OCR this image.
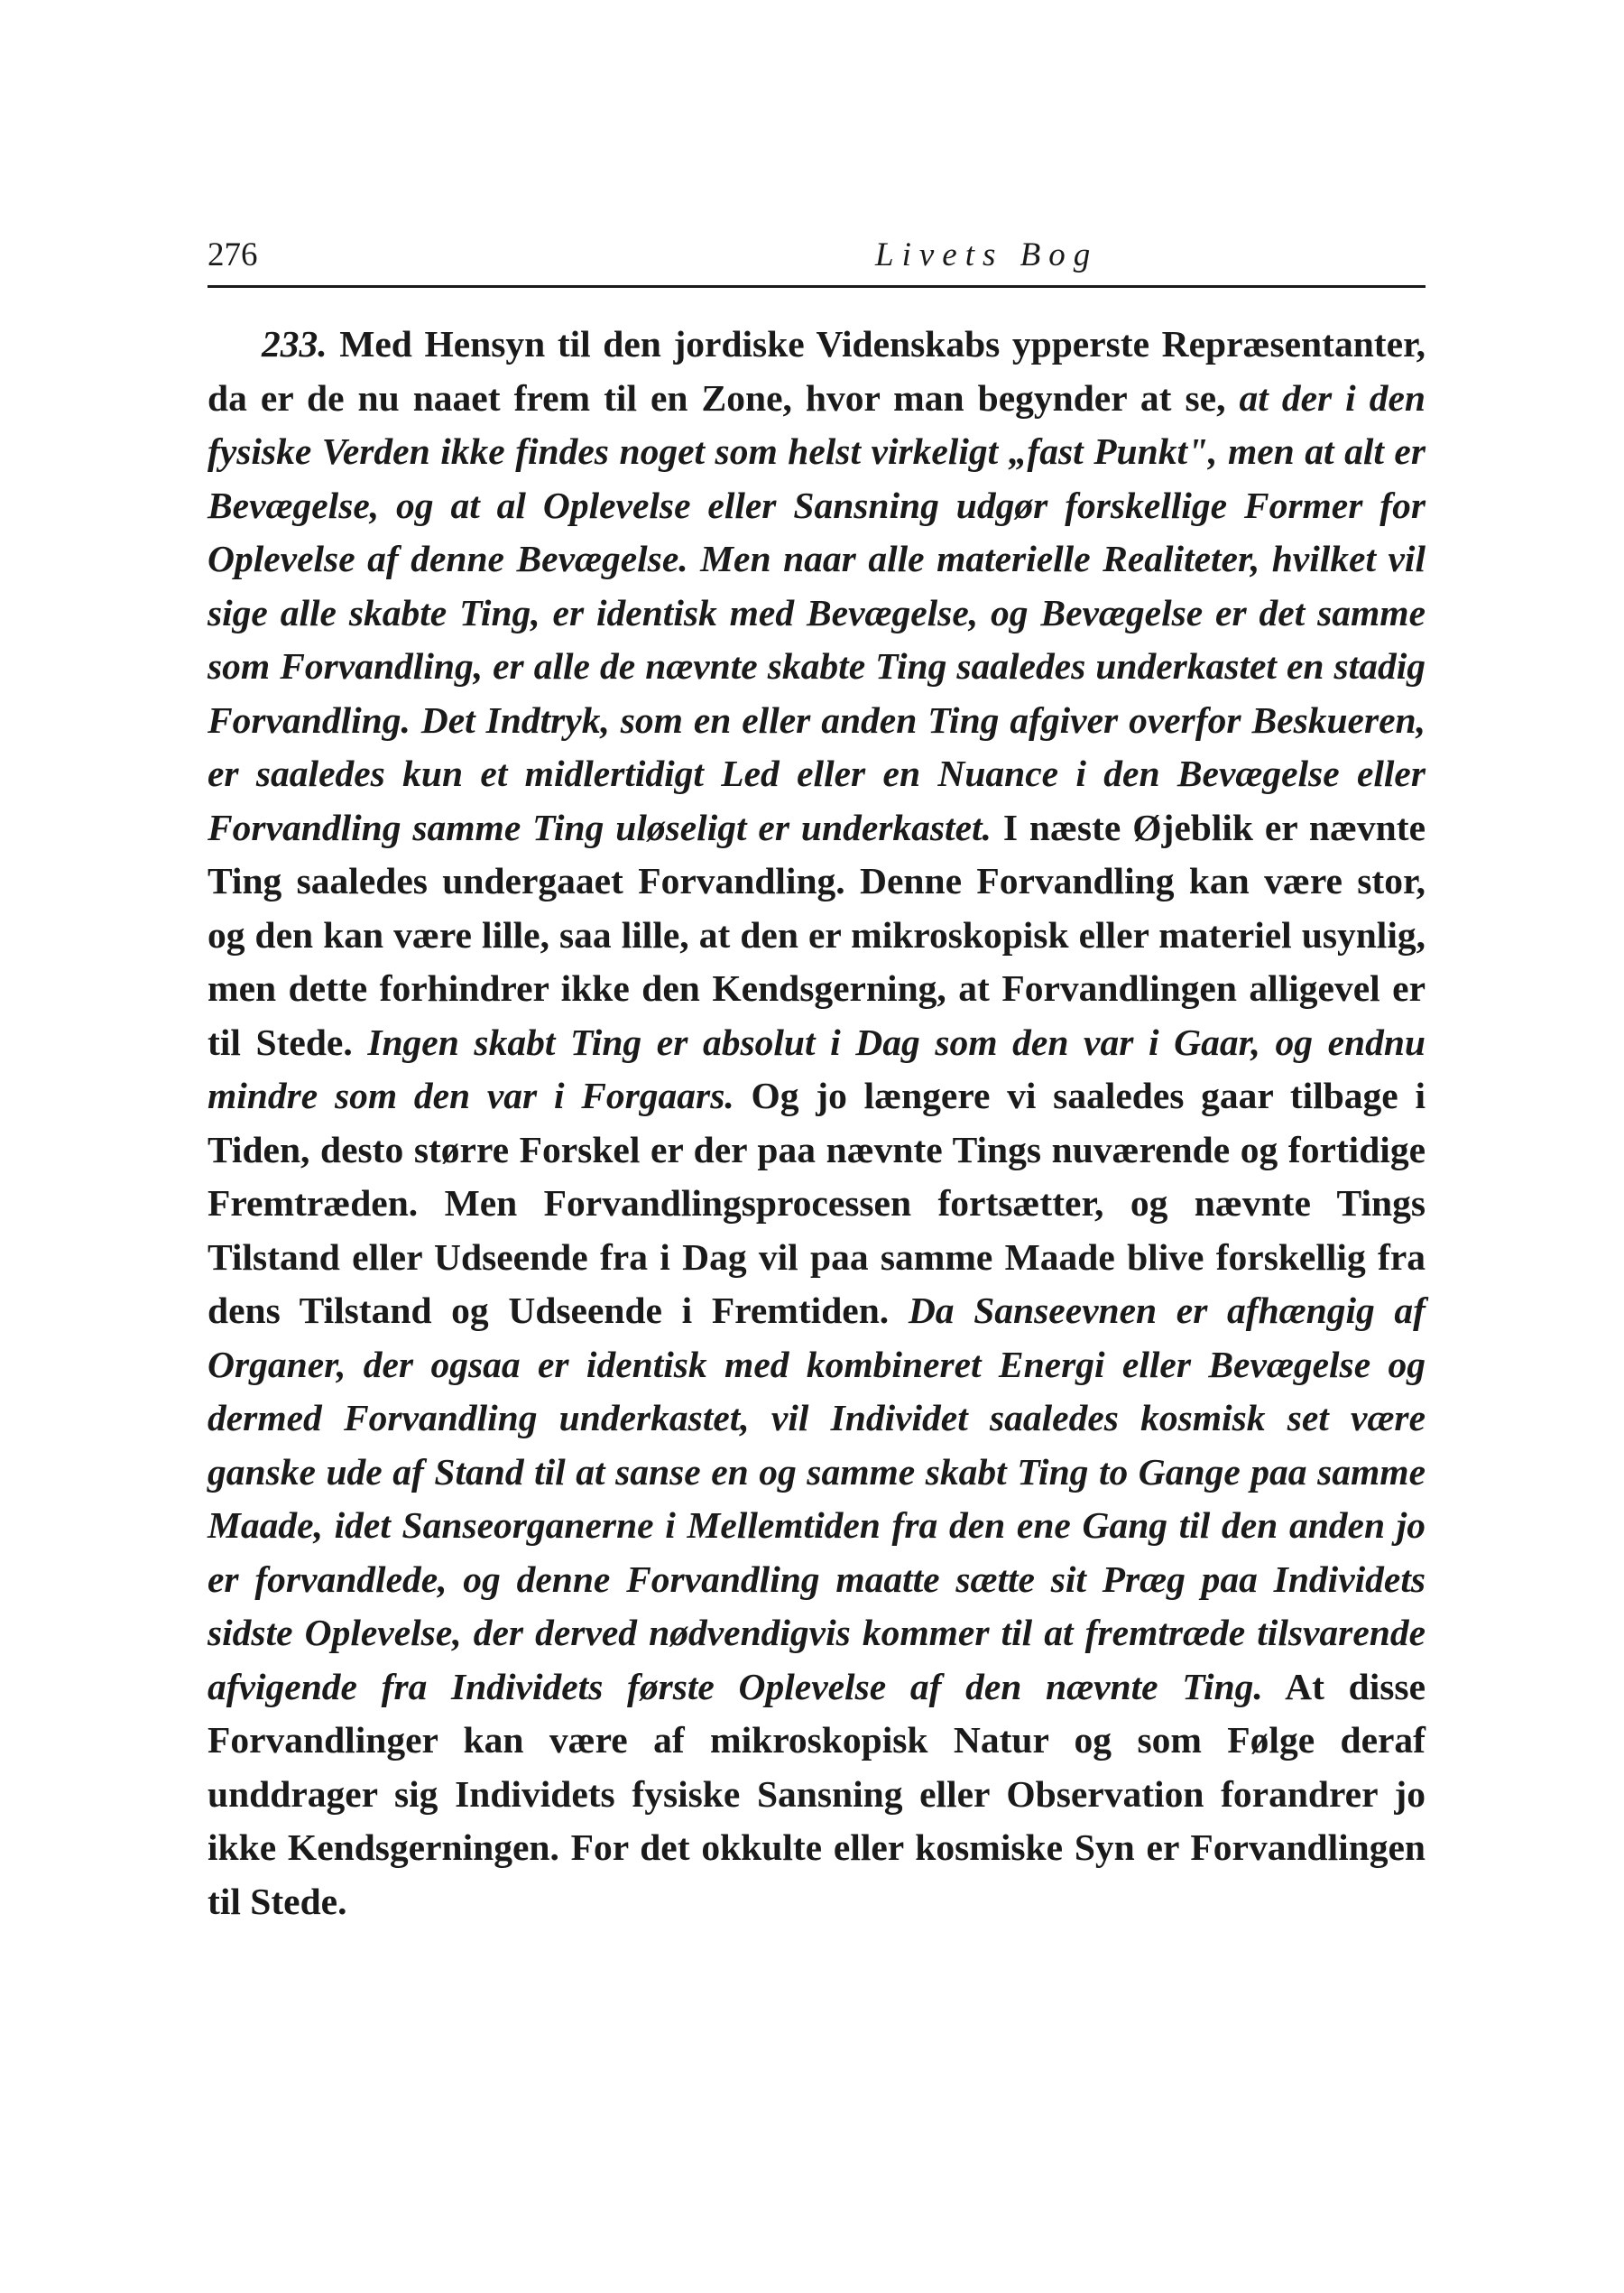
276	Livets Bog

233. Med Hensyn til den jordiske Videnskabs ypperste Repræsentanter, da er de nu naaet frem til en Zone, hvor man begynder at se, at der i den fysiske Verden ikke findes noget som helst virkeligt „fast Punkt", men at alt er Bevægelse, og at al Oplevelse eller Sansning udgør forskellige Former for Oplevelse af denne Bevægelse. Men naar alle materielle Realiteter, hvilket vil sige alle skabte Ting, er identisk med Bevægelse, og Bevægelse er det samme som Forvandling, er alle de nævnte skabte Ting saaledes underkastet en stadig Forvandling. Det Indtryk, som en eller anden Ting afgiver overfor Beskueren, er saaledes kun et midlertidigt Led eller en Nuance i den Bevægelse eller Forvandling samme Ting uløseligt er underkastet. I næste Øjeblik er nævnte Ting saaledes undergaaet Forvandling. Denne Forvandling kan være stor, og den kan være lille, saa lille, at den er mikroskopisk eller materiel usynlig, men dette forhindrer ikke den Kendsgerning, at Forvandlingen alligevel er til Stede. Ingen skabt Ting er absolut i Dag som den var i Gaar, og endnu mindre som den var i Forgaars. Og jo længere vi saaledes gaar tilbage i Tiden, desto større Forskel er der paa nævnte Tings nuværende og fortidige Fremtræden. Men Forvandlingsprocessen fortsætter, og nævnte Tings Tilstand eller Udseende fra i Dag vil paa samme Maade blive forskellig fra dens Tilstand og Udseende i Fremtiden. Da Sanseevnen er afhængig af Organer, der ogsaa er identisk med kombineret Energi eller Bevægelse og dermed Forvandling underkastet, vil Individet saaledes kosmisk set være ganske ude af Stand til at sanse en og samme skabt Ting to Gange paa samme Maade, idet Sanseorganerne i Mellemtiden fra den ene Gang til den anden jo er forvandlede, og denne Forvandling maatte sætte sit Præg paa Individets sidste Oplevelse, der derved nødvendigvis kommer til at fremtræde tilsvarende afvigende fra Individets første Oplevelse af den nævnte Ting. At disse Forvandlinger kan være af mikroskopisk Natur og som Følge deraf unddrager sig Individets fysiske Sansning eller Observation forandrer jo ikke Kendsgerningen. For det okkulte eller kosmiske Syn er Forvandlingen til Stede.
